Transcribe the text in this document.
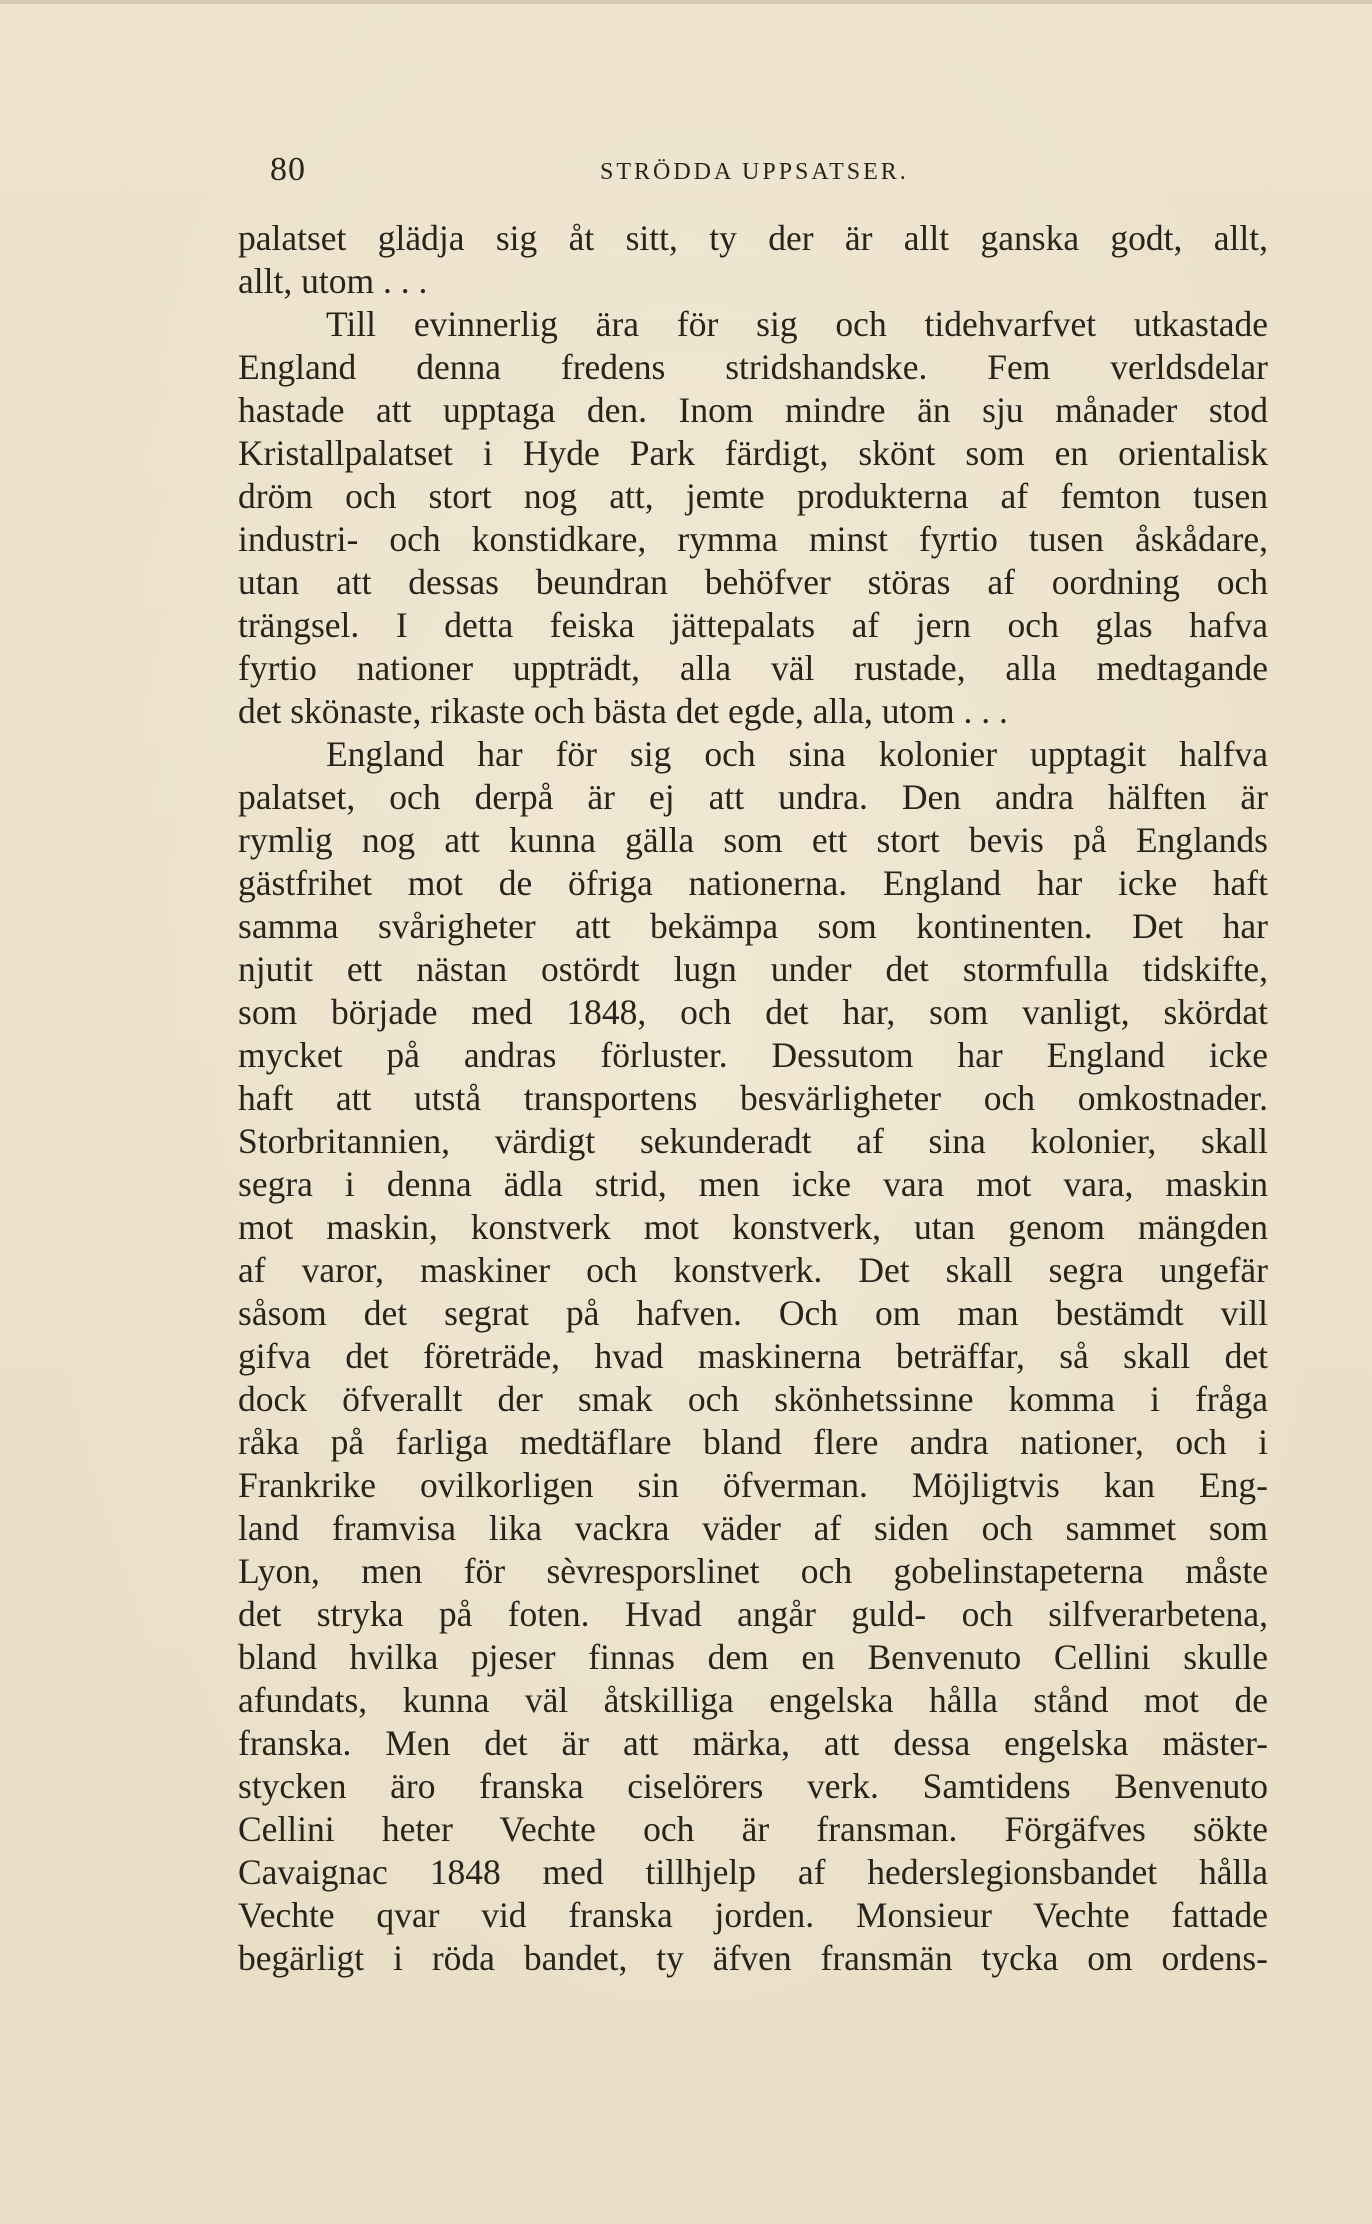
80	STRÖDDA UPPSATSER.
palatset glädja sig åt sitt, ty der är allt ganska godt, allt,
allt, utom . . .
Till evinnerlig ära för sig och tidehvarfvet utkastade
England denna fredens stridshandske. Fem verldsdelar
hastade att upptaga den. Inom mindre än sju månader stod
Kristallpalatset i Hyde Park färdigt, skönt som en orientalisk
dröm och stort nog att, jemte produkterna af femton tusen
industri- och konstidkare, rymma minst fyrtio tusen åskådare,
utan att dessas beundran behöfver störas af oordning och
trängsel. I detta feiska jättepalats af jern och glas hafva
fyrtio nationer uppträdt, alla väl rustade, alla medtagande
det skönaste, rikaste och bästa det egde, alla, utom . . .
England har för sig och sina kolonier upptagit halfva
palatset, och derpå är ej att undra. Den andra hälften är
rymlig nog att kunna gälla som ett stort bevis på Englands
gästfrihet mot de öfriga nationerna. England har icke haft
samma svårigheter att bekämpa som kontinenten. Det har
njutit ett nästan ostördt lugn under det stormfulla tidskifte,
som började med 1848, och det har, som vanligt, skördat
mycket på andras förluster. Dessutom har England icke
haft att utstå transportens besvärligheter och omkostnader.
Storbritannien, värdigt sekunderadt af sina kolonier, skall
segra i denna ädla strid, men icke vara mot vara, maskin
mot maskin, konstverk mot konstverk, utan genom mängden
af varor, maskiner och konstverk. Det skall segra ungefär
såsom det segrat på hafven. Och om man bestämdt vill
gifva det företräde, hvad maskinerna beträffar, så skall det
dock öfverallt der smak och skönhetssinne komma i fråga
råka på farliga medtäflare bland flere andra nationer, och i
Frankrike ovilkorligen sin öfverman. Möjligtvis kan Eng-
land framvisa lika vackra väder af siden och sammet som
Lyon, men för sèvresporslinet och gobelinstapeterna måste
det stryka på foten. Hvad angår guld- och silfverarbetena,
bland hvilka pjeser finnas dem en Benvenuto Cellini skulle
afundats, kunna väl åtskilliga engelska hålla stånd mot de
franska. Men det är att märka, att dessa engelska mäster-
stycken äro franska ciselörers verk. Samtidens Benvenuto
Cellini heter Vechte och är fransman. Förgäfves sökte
Cavaignac 1848 med tillhjelp af hederslegionsbandet hålla
Vechte qvar vid franska jorden. Monsieur Vechte fattade
begärligt i röda bandet, ty äfven fransmän tycka om ordens-
